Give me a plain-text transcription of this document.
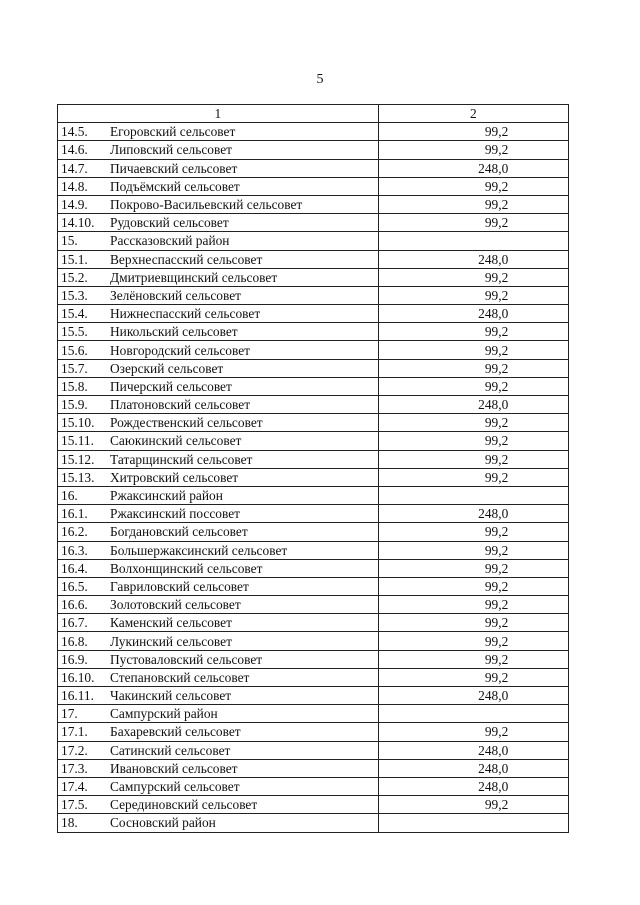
5
1	2
14.5. Егоровский сельсовет	99,2
14.6. Липовский сельсовет	99,2
14.7. Пичаевский сельсовет	248,0
14.8. Подъёмский сельсовет	99,2
14.9. Покрово-Васильевский сельсовет	99,2
14.10. Рудовский сельсовет	99,2
15. Рассказовский район	
15.1. Верхнеспасский сельсовет	248,0
15.2. Дмитриевщинский сельсовет	99,2
15.3. Зелёновский сельсовет	99,2
15.4. Нижнеспасский сельсовет	248,0
15.5. Никольский сельсовет	99,2
15.6. Новгородский сельсовет	99,2
15.7. Озерский сельсовет	99,2
15.8. Пичерский сельсовет	99,2
15.9. Платоновский сельсовет	248,0
15.10. Рождественский сельсовет	99,2
15.11. Саюкинский сельсовет	99,2
15.12. Татарщинский сельсовет	99,2
15.13. Хитровский сельсовет	99,2
16. Ржаксинский район	
16.1. Ржаксинский поссовет	248,0
16.2. Богдановский сельсовет	99,2
16.3. Большержаксинский сельсовет	99,2
16.4. Волхонщинский сельсовет	99,2
16.5. Гавриловский сельсовет	99,2
16.6. Золотовский сельсовет	99,2
16.7. Каменский сельсовет	99,2
16.8. Лукинский сельсовет	99,2
16.9. Пустоваловский сельсовет	99,2
16.10. Степановский сельсовет	99,2
16.11. Чакинский сельсовет	248,0
17. Сампурский район	
17.1. Бахаревский сельсовет	99,2
17.2. Сатинский сельсовет	248,0
17.3. Ивановский сельсовет	248,0
17.4. Сампурский сельсовет	248,0
17.5. Серединовский сельсовет	99,2
18. Сосновский район	
